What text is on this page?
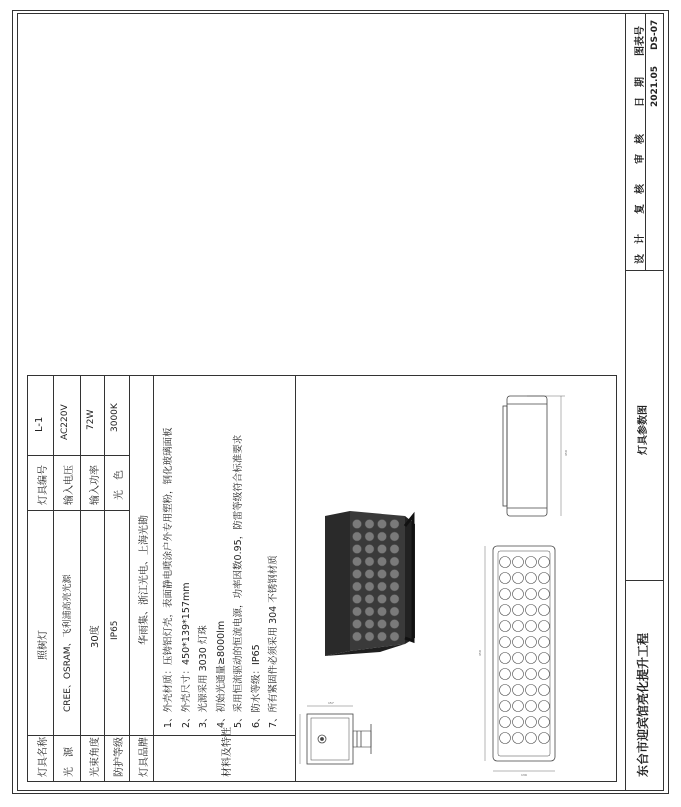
东台市迎宾馆亮化提升工程
灯具参数图
设　计
复　核
审　核
日　期 2021.05
图表号 DS-07
灯具名称
照树灯
灯具编号
L-1
光　源
CREE、OSRAM、飞利浦高亮光源
输入电压
AC220V
光束角度
30度
输入功率
72W
防护等级
IP65
光　色
3000K
灯具品牌
华雨集、浙江光电、上海光勘
材料及特性
1、外壳材质：压铸铝灯壳，表面静电喷涂户外专用塑粉，钢化玻璃面板 2、外壳尺寸：450*139*157mm 3、光源采用 3030 灯珠 4、初始光通量≥8000lm 5、采用恒流驱动的恒流电源，功率因数0.95，防雷等级符合标准要求 6、防水等级：IP65 7、所有紧固件必须采用 304 不锈钢材质	157
450
139
450
